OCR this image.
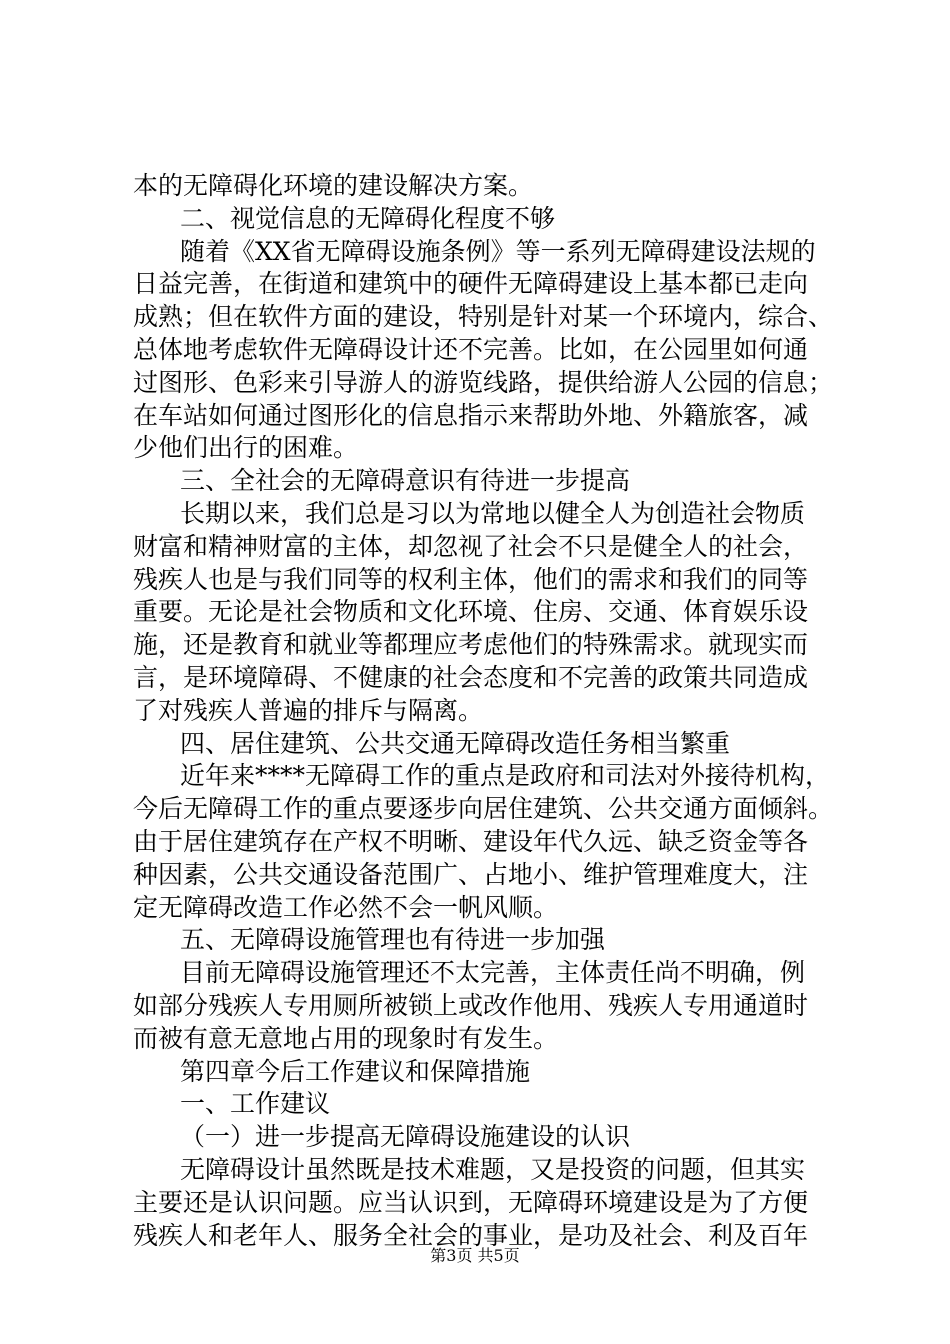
本的无障碍化环境的建设解决方案。
二、视觉信息的无障碍化程度不够
随着《XX省无障碍设施条例》等一系列无障碍建设法规的
日益完善，在街道和建筑中的硬件无障碍建设上基本都已走向
成熟；但在软件方面的建设，特别是针对某一个环境内，综合、
总体地考虑软件无障碍设计还不完善。比如，在公园里如何通
过图形、色彩来引导游人的游览线路，提供给游人公园的信息；
在车站如何通过图形化的信息指示来帮助外地、外籍旅客，减
少他们出行的困难。
三、全社会的无障碍意识有待进一步提高
长期以来，我们总是习以为常地以健全人为创造社会物质
财富和精神财富的主体，却忽视了社会不只是健全人的社会，
残疾人也是与我们同等的权利主体，他们的需求和我们的同等
重要。无论是社会物质和文化环境、住房、交通、体育娱乐设
施，还是教育和就业等都理应考虑他们的特殊需求。就现实而
言，是环境障碍、不健康的社会态度和不完善的政策共同造成
了对残疾人普遍的排斥与隔离。
四、居住建筑、公共交通无障碍改造任务相当繁重
近年来****无障碍工作的重点是政府和司法对外接待机构，
今后无障碍工作的重点要逐步向居住建筑、公共交通方面倾斜。
由于居住建筑存在产权不明晰、建设年代久远、缺乏资金等各
种因素，公共交通设备范围广、占地小、维护管理难度大，注
定无障碍改造工作必然不会一帆风顺。
五、无障碍设施管理也有待进一步加强
目前无障碍设施管理还不太完善，主体责任尚不明确，例
如部分残疾人专用厕所被锁上或改作他用、残疾人专用通道时
而被有意无意地占用的现象时有发生。
第四章今后工作建议和保障措施
一、工作建议
（一）进一步提高无障碍设施建设的认识
无障碍设计虽然既是技术难题，又是投资的问题，但其实
主要还是认识问题。应当认识到，无障碍环境建设是为了方便
残疾人和老年人、服务全社会的事业，是功及社会、利及百年
第3页 共5页
